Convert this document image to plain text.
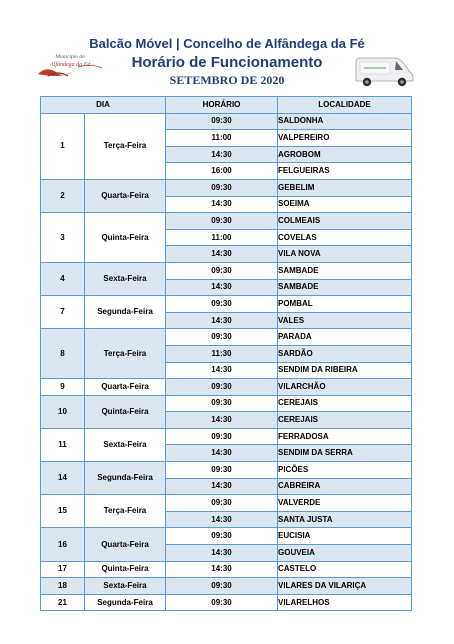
Município de
Alfândega da Fé
Balcão Móvel | Concelho de Alfândega da Fé
Horário de Funcionamento
SETEMBRO DE 2020
DIA		HORÁRIO	LOCALIDADE
1	Terça-Feira	09:30	SALDONHA
		11:00	VALPEREIRO
		14:30	AGROBOM
		16:00	FELGUEIRAS
2	Quarta-Feira	09:30	GEBELIM
		14:30	SOEIMA
3	Quinta-Feira	09:30	COLMEAIS
		11:00	COVELAS
		14:30	VILA NOVA
4	Sexta-Feira	09:30	SAMBADE
		14:30	SAMBADE
7	Segunda-Feira	09:30	POMBAL
		14:30	VALES
8	Terça-Feira	09:30	PARADA
		11:30	SARDÃO
		14:30	SENDIM DA RIBEIRA
9	Quarta-Feira	09:30	VILARCHÃO
10	Quinta-Feira	09:30	CEREJAIS
		14:30	CEREJAIS
11	Sexta-Feira	09:30	FERRADOSA
		14:30	SENDIM DA SERRA
14	Segunda-Feira	09:30	PICÕES
		14:30	CABREIRA
15	Terça-Feira	09:30	VALVERDE
		14:30	SANTA JUSTA
16	Quarta-Feira	09:30	EUCISIA
		14:30	GOUVEIA
17	Quinta-Feira	14:30	CASTELO
18	Sexta-Feira	09:30	VILARES DA VILARIÇA
21	Segunda-Feira	09:30	VILARELHOS
